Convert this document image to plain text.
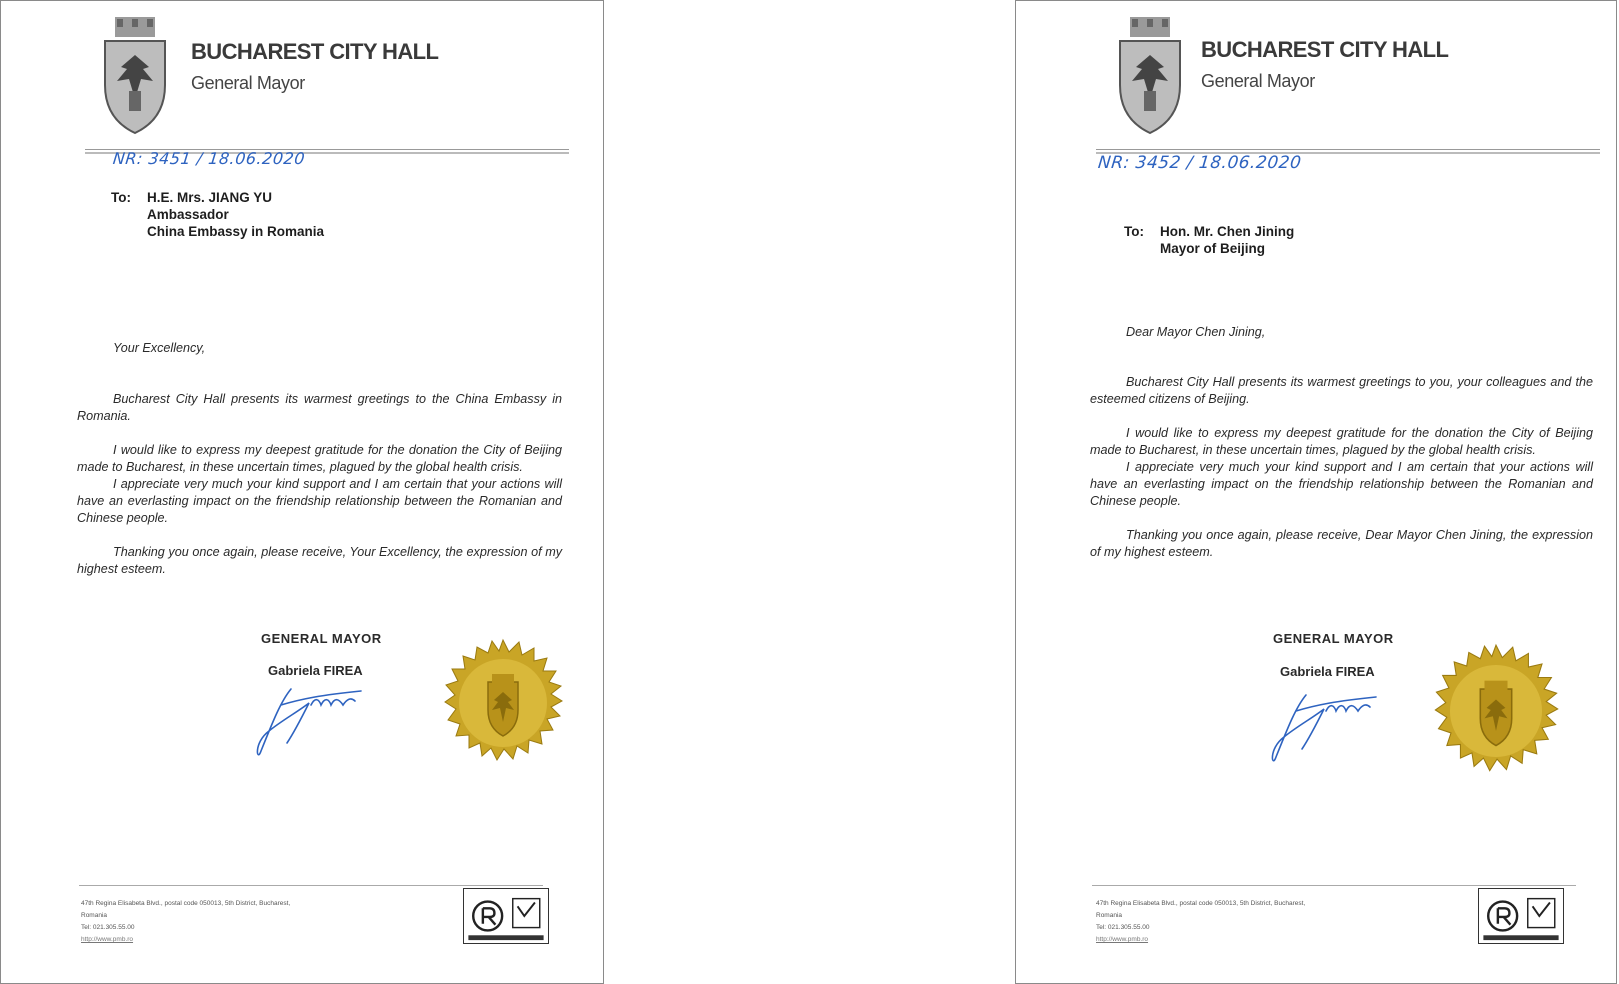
BUCHAREST CITY HALL
General Mayor
NR: 3451 / 18.06.2020
To: H.E. Mrs. JIANG YU
Ambassador
China Embassy in Romania
Your Excellency,

Bucharest City Hall presents its warmest greetings to the China Embassy in Romania.

I would like to express my deepest gratitude for the donation the City of Beijing made to Bucharest, in these uncertain times, plagued by the global health crisis.

I appreciate very much your kind support and I am certain that your actions will have an everlasting impact on the friendship relationship between the Romanian and Chinese people.

Thanking you once again, please receive, Your Excellency, the expression of my highest esteem.

GENERAL MAYOR
Gabriela FIREA
47th Regina Elisabeta Blvd., postal code 050013, 5th District, Bucharest,
Romania
Tel: 021.305.55.00
http://www.pmb.ro
BUCHAREST CITY HALL
General Mayor
NR: 3452 / 18.06.2020
To: Hon. Mr. Chen Jining
Mayor of Beijing
Dear Mayor Chen Jining,

Bucharest City Hall presents its warmest greetings to you, your colleagues and the esteemed citizens of Beijing.

I would like to express my deepest gratitude for the donation the City of Beijing made to Bucharest, in these uncertain times, plagued by the global health crisis.

I appreciate very much your kind support and I am certain that your actions will have an everlasting impact on the friendship relationship between the Romanian and Chinese people.

Thanking you once again, please receive, Dear Mayor Chen Jining, the expression of my highest esteem.

GENERAL MAYOR
Gabriela FIREA
47th Regina Elisabeta Blvd., postal code 050013, 5th District, Bucharest,
Romania
Tel: 021.305.55.00
http://www.pmb.ro
